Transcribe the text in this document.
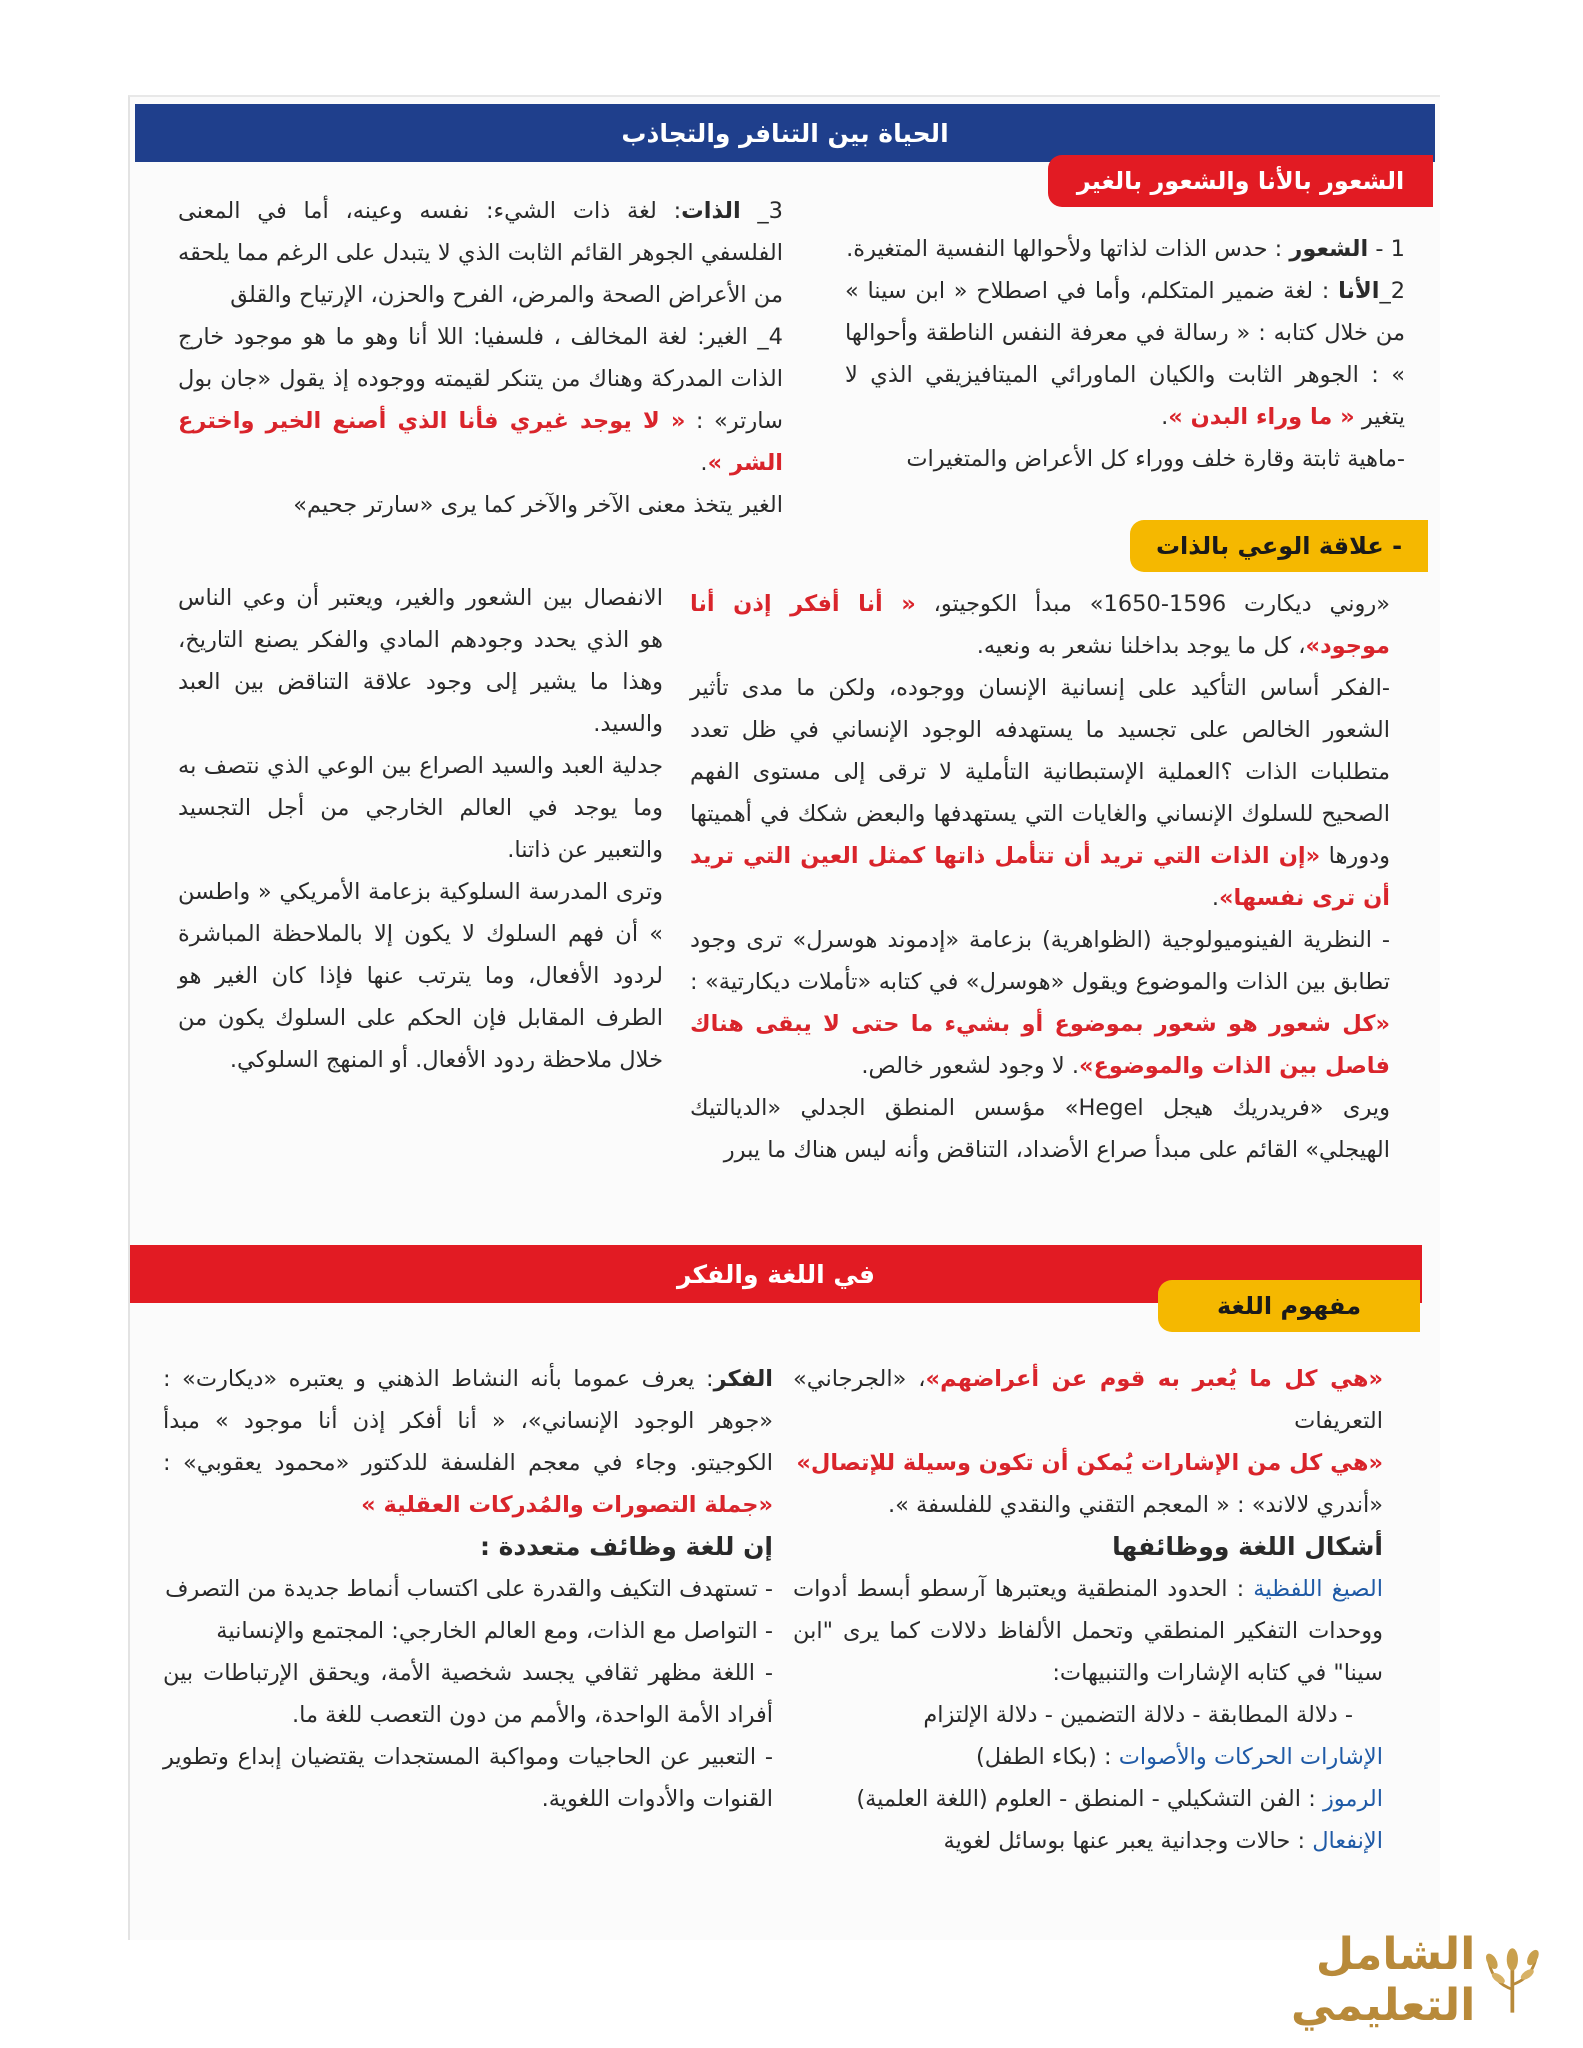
الحياة بين التنافر والتجاذب
الشعور بالأنا والشعور بالغير

1 - الشعور : حدس الذات لذاتها ولأحوالها النفسية المتغيرة.

2_الأنا : لغة ضمير المتكلم، وأما في اصطلاح « ابن سينا » من خلال كتابه : « رسالة في معرفة النفس الناطقة وأحوالها » : الجوهر الثابت والكيان الماورائي الميتافيزيقي الذي لا يتغير « ما وراء البدن ».

-ماهية ثابتة وقارة خلف ووراء كل الأعراض والمتغيرات

3_ الذات: لغة ذات الشيء: نفسه وعينه، أما في المعنى الفلسفي الجوهر القائم الثابت الذي لا يتبدل على الرغم مما يلحقه من الأعراض الصحة والمرض، الفرح والحزن، الإرتياح والقلق

4_ الغير: لغة المخالف ، فلسفيا: اللا أنا وهو ما هو موجود خارج الذات المدركة وهناك من يتنكر لقيمته ووجوده إذ يقول «جان بول سارتر» : « لا يوجد غيري فأنا الذي أصنع الخير واخترع الشر ».

الغير يتخذ معنى الآخر والآخر كما يرى «سارتر جحيم»

- علاقة الوعي بالذات

«روني ديكارت 1596-1650» مبدأ الكوجيتو، « أنا أفكر إذن أنا موجود»، كل ما يوجد بداخلنا نشعر به ونعيه.

-الفكر أساس التأكيد على إنسانية الإنسان ووجوده، ولكن ما مدى تأثير الشعور الخالص على تجسيد ما يستهدفه الوجود الإنساني في ظل تعدد متطلبات الذات ؟العملية الإستبطانية التأملية لا ترقى إلى مستوى الفهم الصحيح للسلوك الإنساني والغايات التي يستهدفها والبعض شكك في أهميتها ودورها «إن الذات التي تريد أن تتأمل ذاتها كمثل العين التي تريد أن ترى نفسها».

- النظرية الفينوميولوجية (الظواهرية) بزعامة «إدموند هوسرل» ترى وجود تطابق بين الذات والموضوع ويقول «هوسرل» في كتابه «تأملات ديكارتية» : «كل شعور هو شعور بموضوع أو بشيء ما حتى لا يبقى هناك فاصل بين الذات والموضوع». لا وجود لشعور خالص.

ويرى «فريدريك هيجل Hegel» مؤسس المنطق الجدلي «الديالتيك الهيجلي» القائم على مبدأ صراع الأضداد، التناقض وأنه ليس هناك ما يبرر

الانفصال بين الشعور والغير، ويعتبر أن وعي الناس هو الذي يحدد وجودهم المادي والفكر يصنع التاريخ، وهذا ما يشير إلى وجود علاقة التناقض بين العبد والسيد.

جدلية العبد والسيد الصراع بين الوعي الذي نتصف به وما يوجد في العالم الخارجي من أجل التجسيد والتعبير عن ذاتنا.

وترى المدرسة السلوكية بزعامة الأمريكي « واطسن » أن فهم السلوك لا يكون إلا بالملاحظة المباشرة لردود الأفعال، وما يترتب عنها فإذا كان الغير هو الطرف المقابل فإن الحكم على السلوك يكون من خلال ملاحظة ردود الأفعال. أو المنهج السلوكي.

في اللغة والفكر
مفهوم اللغة

«هي كل ما يُعبر به قوم عن أعراضهم»، «الجرجاني» التعريفات

«هي كل من الإشارات يُمكن أن تكون وسيلة للإتصال»

«أندري لالاند» : « المعجم التقني والنقدي للفلسفة ».

أشكال اللغة ووظائفها

الصيغ اللفظية : الحدود المنطقية ويعتبرها آرسطو أبسط أدوات ووحدات التفكير المنطقي وتحمل الألفاظ دلالات كما يرى "ابن سينا" في كتابه الإشارات والتنبيهات:

- دلالة المطابقة - دلالة التضمين - دلالة الإلتزام

الإشارات الحركات والأصوات : (بكاء الطفل)

الرموز : الفن التشكيلي - المنطق - العلوم (اللغة العلمية)

الإنفعال : حالات وجدانية يعبر عنها بوسائل لغوية

الفكر: يعرف عموما بأنه النشاط الذهني و يعتبره «ديكارت» : «جوهر الوجود الإنساني»، « أنا أفكر إذن أنا موجود » مبدأ الكوجيتو. وجاء في معجم الفلسفة للدكتور «محمود يعقوبي» : «جملة التصورات والمُدركات العقلية »

إن للغة وظائف متعددة :

- تستهدف التكيف والقدرة على اكتساب أنماط جديدة من التصرف

- التواصل مع الذات، ومع العالم الخارجي: المجتمع والإنسانية

- اللغة مظهر ثقافي يجسد شخصية الأمة، ويحقق الإرتباطات بين أفراد الأمة الواحدة، والأمم من دون التعصب للغة ما.

- التعبير عن الحاجيات ومواكبة المستجدات يقتضيان إبداع وتطوير القنوات والأدوات اللغوية.

الشامل التعليمي
